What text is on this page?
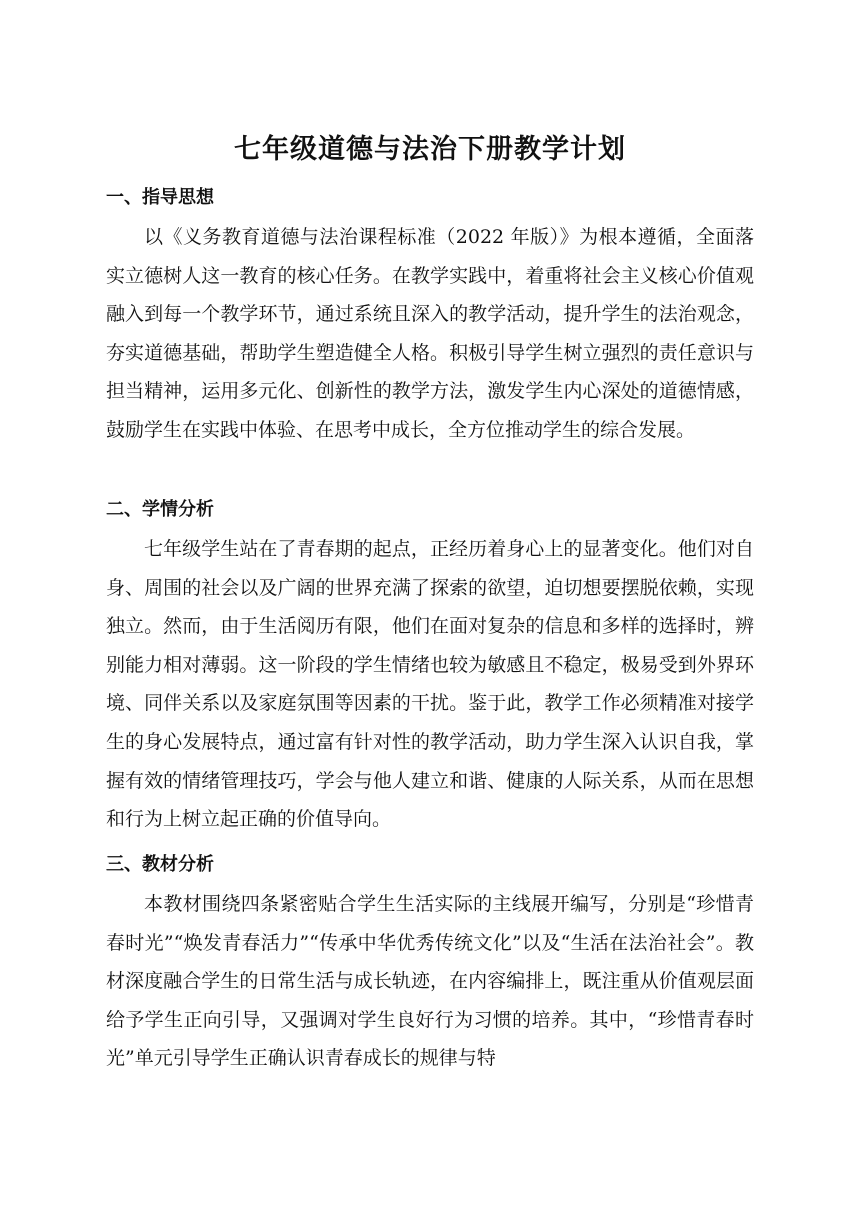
七年级道德与法治下册教学计划
一、指导思想

以《义务教育道德与法治课程标准（2022 年版）》为根本遵循，全面落实立德树人这一教育的核心任务。在教学实践中，着重将社会主义核心价值观融入到每一个教学环节，通过系统且深入的教学活动，提升学生的法治观念，夯实道德基础，帮助学生塑造健全人格。积极引导学生树立强烈的责任意识与担当精神，运用多元化、创新性的教学方法，激发学生内心深处的道德情感，鼓励学生在实践中体验、在思考中成长，全方位推动学生的综合发展。

二、学情分析

七年级学生站在了青春期的起点，正经历着身心上的显著变化。他们对自身、周围的社会以及广阔的世界充满了探索的欲望，迫切想要摆脱依赖，实现独立。然而，由于生活阅历有限，他们在面对复杂的信息和多样的选择时，辨别能力相对薄弱。这一阶段的学生情绪也较为敏感且不稳定，极易受到外界环境、同伴关系以及家庭氛围等因素的干扰。鉴于此，教学工作必须精准对接学生的身心发展特点，通过富有针对性的教学活动，助力学生深入认识自我，掌握有效的情绪管理技巧，学会与他人建立和谐、健康的人际关系，从而在思想和行为上树立起正确的价值导向。

三、教材分析

本教材围绕四条紧密贴合学生生活实际的主线展开编写，分别是“珍惜青春时光”“焕发青春活力”“传承中华优秀传统文化”以及“生活在法治社会”。教材深度融合学生的日常生活与成长轨迹，在内容编排上，既注重从价值观层面给予学生正向引导，又强调对学生良好行为习惯的培养。其中，“珍惜青春时光”单元引导学生正确认识青春成长的规律与特
